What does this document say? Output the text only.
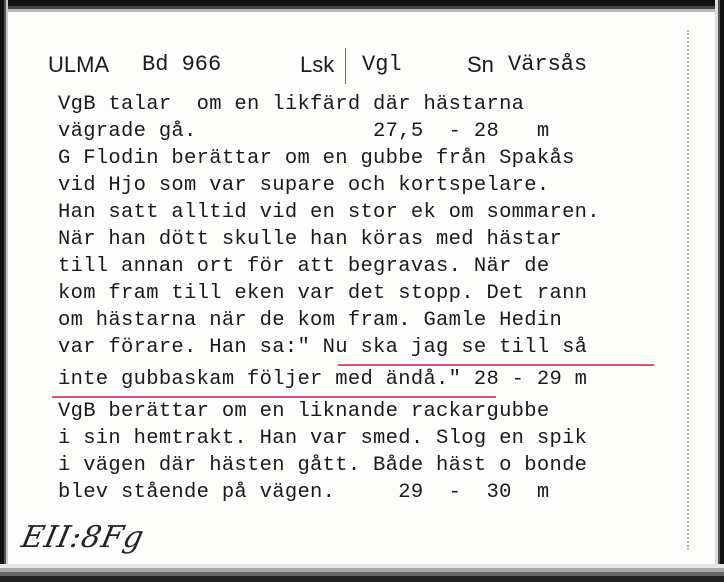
ULMA Bd 966	Lsk Vgl	Sn Värsås
VgB talar  om en likfärd där hästarna
vägrade gå.              27,5  - 28   m
G Flodin berättar om en gubbe från Spakås
vid Hjo som var supare och kortspelare.
Han satt alltid vid en stor ek om sommaren.
När han dött skulle han köras med hästar
till annan ort för att begravas. När de
kom fram till eken var det stopp. Det rann
om hästarna när de kom fram. Gamle Hedin
var förare. Han sa:" Nu ska jag se till så
inte gubbaskam följer med ändå." 28 - 29 m
VgB berättar om en liknande rackargubbe
i sin hemtrakt. Han var smed. Slog en spik
i vägen där hästen gått. Både häst o bonde
blev stående på vägen.     29  -  30  m
EII:8Fg
